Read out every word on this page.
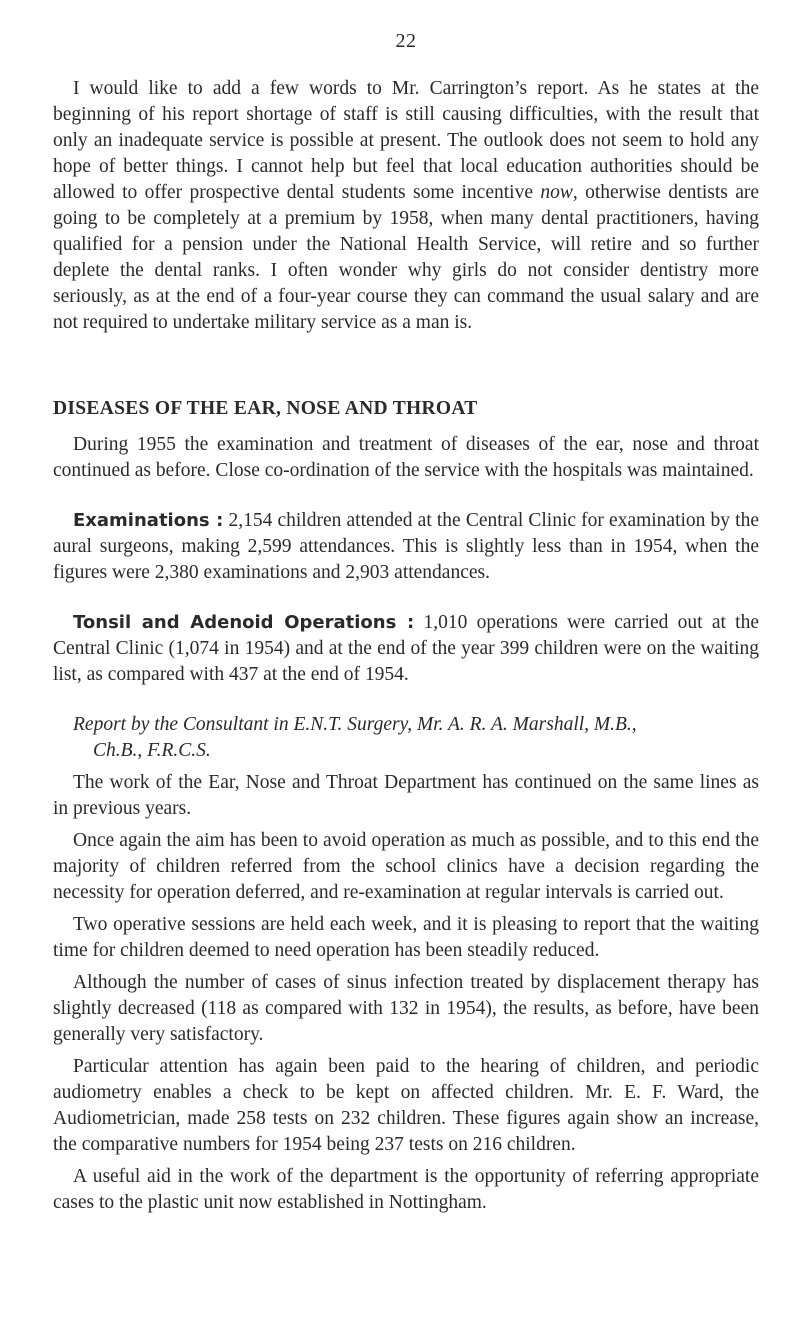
22

I would like to add a few words to Mr. Carrington’s report. As he states at the beginning of his report shortage of staff is still causing difficulties, with the result that only an inadequate service is possible at present. The outlook does not seem to hold any hope of better things. I cannot help but feel that local education authorities should be allowed to offer prospective dental students some incentive now, otherwise dentists are going to be completely at a premium by 1958, when many dental practitioners, having qualified for a pension under the National Health Service, will retire and so further deplete the dental ranks. I often wonder why girls do not consider dentistry more seriously, as at the end of a four-year course they can command the usual salary and are not required to undertake military service as a man is.

DISEASES OF THE EAR, NOSE AND THROAT

During 1955 the examination and treatment of diseases of the ear, nose and throat continued as before. Close co-ordination of the service with the hospitals was maintained.

Examinations : 2,154 children attended at the Central Clinic for examination by the aural surgeons, making 2,599 attendances. This is slightly less than in 1954, when the figures were 2,380 examinations and 2,903 attendances.

Tonsil and Adenoid Operations : 1,010 operations were carried out at the Central Clinic (1,074 in 1954) and at the end of the year 399 children were on the waiting list, as compared with 437 at the end of 1954.

Report by the Consultant in E.N.T. Surgery, Mr. A. R. A. Marshall, M.B.,
Ch.B., F.R.C.S.

The work of the Ear, Nose and Throat Department has continued on the same lines as in previous years.

Once again the aim has been to avoid operation as much as possible, and to this end the majority of children referred from the school clinics have a decision regarding the necessity for operation deferred, and re-examination at regular intervals is carried out.

Two operative sessions are held each week, and it is pleasing to report that the waiting time for children deemed to need operation has been steadily reduced.

Although the number of cases of sinus infection treated by displacement therapy has slightly decreased (118 as compared with 132 in 1954), the results, as before, have been generally very satisfactory.

Particular attention has again been paid to the hearing of children, and periodic audiometry enables a check to be kept on affected children. Mr. E. F. Ward, the Audiometrician, made 258 tests on 232 children. These figures again show an increase, the comparative numbers for 1954 being 237 tests on 216 children.

A useful aid in the work of the department is the opportunity of referring appropriate cases to the plastic unit now established in Nottingham.
